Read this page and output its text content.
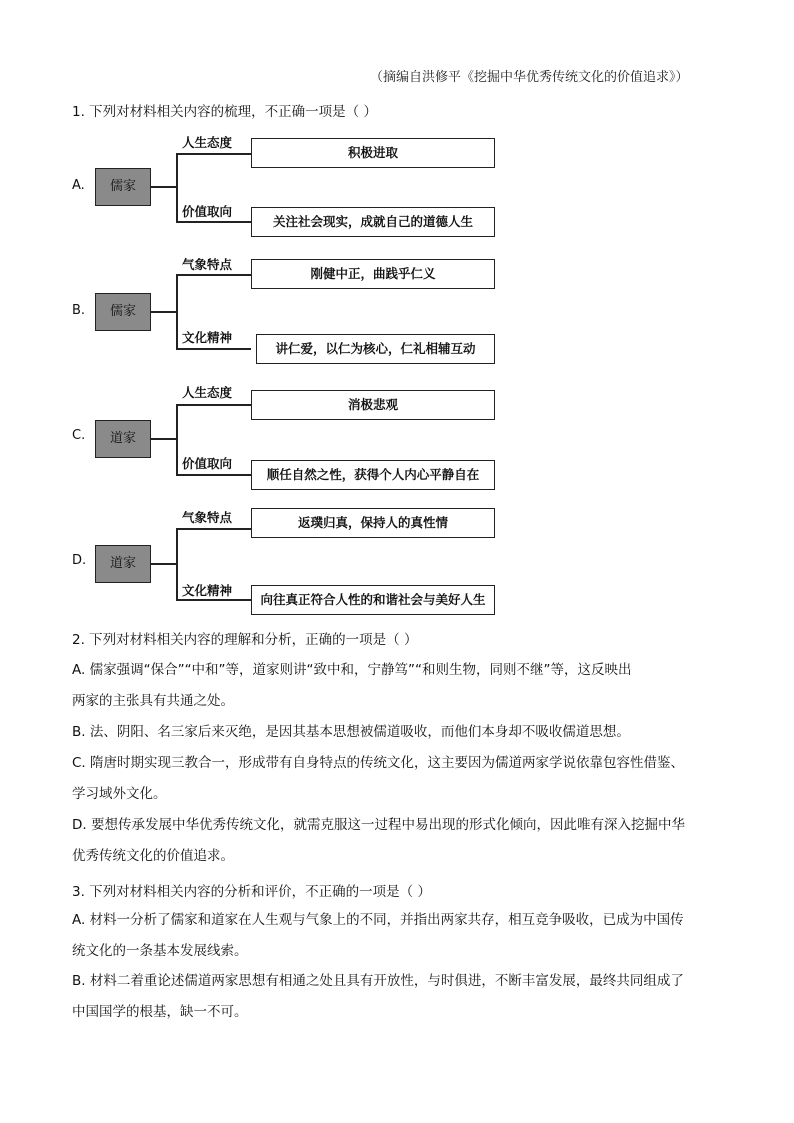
（摘编自洪修平《挖掘中华优秀传统文化的价值追求》）
1. 下列对材料相关内容的梳理，不正确一项是（ ）
A.	儒家
人生态度
价值取向
积极进取
关注社会现实，成就自己的道德人生
B.	儒家
气象特点
文化精神
刚健中正，曲践乎仁义
讲仁爱，以仁为核心，仁礼相辅互动
C.	道家
人生态度
价值取向
消极悲观
顺任自然之性，获得个人内心平静自在
D.	道家
气象特点
文化精神
返璞归真，保持人的真性情
向往真正符合人性的和谐社会与美好人生
2. 下列对材料相关内容的理解和分析，正确的一项是（ ）
A. 儒家强调“保合”“中和”等，道家则讲“致中和，宁静笃”“和则生物，同则不继”等，这反映出
两家的主张具有共通之处。
B. 法、阴阳、名三家后来灭绝，是因其基本思想被儒道吸收，而他们本身却不吸收儒道思想。
C. 隋唐时期实现三教合一，形成带有自身特点的传统文化，这主要因为儒道两家学说依靠包容性借鉴、
学习域外文化。
D. 要想传承发展中华优秀传统文化，就需克服这一过程中易出现的形式化倾向，因此唯有深入挖掘中华
优秀传统文化的价值追求。
3. 下列对材料相关内容的分析和评价，不正确的一项是（ ）
A. 材料一分析了儒家和道家在人生观与气象上的不同，并指出两家共存，相互竞争吸收，已成为中国传
统文化的一条基本发展线索。
B. 材料二着重论述儒道两家思想有相通之处且具有开放性，与时俱进，不断丰富发展，最终共同组成了
中国国学的根基，缺一不可。
